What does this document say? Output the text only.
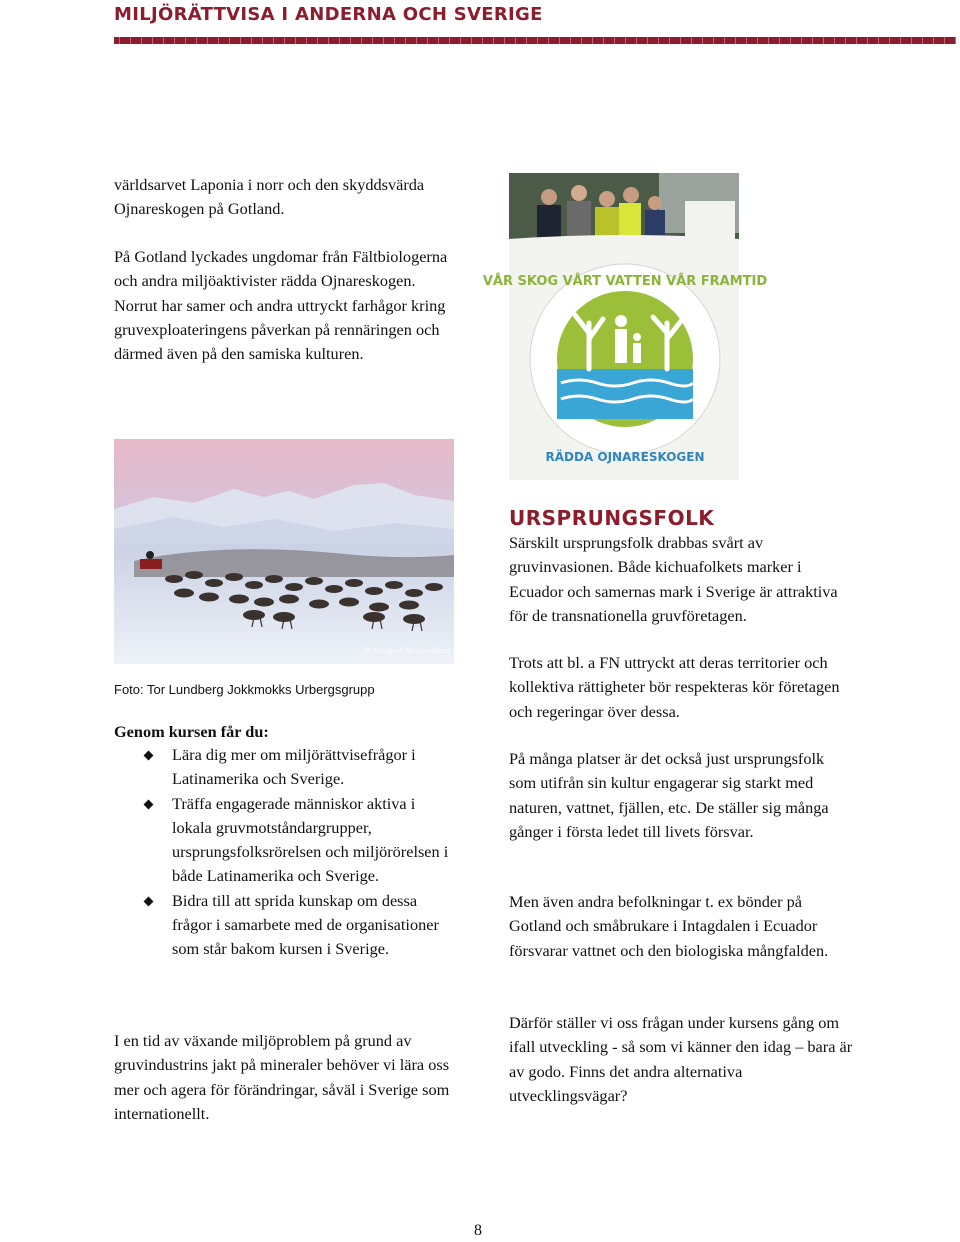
MILJÖRÄTTVISA I ANDERNA OCH SVERIGE

världsarvet Laponia i norr och den skyddsvärda Ojnareskogen på Gotland.

På Gotland lyckades ungdomar från Fältbiologerna och andra miljöaktivister rädda Ojnareskogen. Norrut har samer och andra uttryckt farhågor kring gruvexploateringens påverkan på rennäringen och därmed även på den samiska kulturen.

© Fotograf Tor Lundberg
Foto: Tor Lundberg Jokkmokks Urbergsgrupp

Genom kursen får du:

Lära dig mer om miljörättvisefrågor i Latinamerika och Sverige.
Träffa engagerade människor aktiva i lokala gruvmotståndargrupper, ursprungsfolksrörelsen och miljörörelsen i både Latinamerika och Sverige.
Bidra till att sprida kunskap om dessa frågor i samarbete med de organisationer som står bakom kursen i Sverige.

I en tid av växande miljöproblem på grund av gruvindustrins jakt på mineraler behöver vi lära oss mer och agera för förändringar, såväl i Sverige som internationellt.

VÅR SKOG VÅRT VATTEN VÅR FRAMTID
RÄDDA OJNARESKOGEN
URSPRUNGSFOLK

Särskilt ursprungsfolk drabbas svårt av gruvinvasionen. Både kichuafolkets marker i Ecuador och samernas mark i Sverige är attraktiva för de transnationella gruvföretagen.

Trots att bl. a FN uttryckt att deras territorier och kollektiva rättigheter bör respekteras kör företagen och regeringar över dessa.

På många platser är det också just ursprungsfolk som utifrån sin kultur engagerar sig starkt med naturen, vattnet, fjällen, etc. De ställer sig många gånger i första ledet till livets försvar.

Men även andra befolkningar t. ex bönder på Gotland och småbrukare i Intagdalen i Ecuador försvarar vattnet och den biologiska mångfalden.

Därför ställer vi oss frågan under kursens gång om ifall utveckling - så som vi känner den idag – bara är av godo. Finns det andra alternativa utvecklingsvägar?

8
